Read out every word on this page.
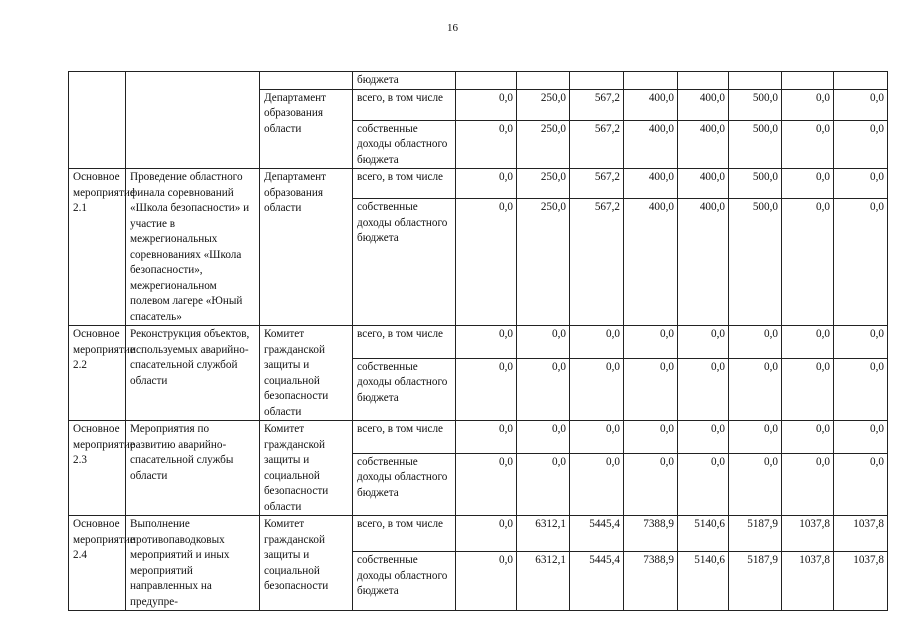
16
			бюджета								
		Департамент образования области	всего, в том числе	0,0	250,0	567,2	400,0	400,0	500,0	0,0	0,0
			собственные доходы областного бюджета	0,0	250,0	567,2	400,0	400,0	500,0	0,0	0,0
Основное мероприятие 2.1	Проведение областного финала соревнований «Школа безопасности» и участие в межрегиональных соревнованиях «Школа безопасности», межрегиональном полевом лагере «Юный спасатель»	Департамент образования области	всего, в том числе	0,0	250,0	567,2	400,0	400,0	500,0	0,0	0,0
			собственные доходы областного бюджета	0,0	250,0	567,2	400,0	400,0	500,0	0,0	0,0
Основное мероприятие 2.2	Реконструкция объектов, используемых аварийно-спасательной службой области	Комитет гражданской защиты и социальной безопасности области	всего, в том числе	0,0	0,0	0,0	0,0	0,0	0,0	0,0	0,0
			собственные доходы областного бюджета	0,0	0,0	0,0	0,0	0,0	0,0	0,0	0,0
Основное мероприятие 2.3	Мероприятия по развитию аварийно-спасательной службы области	Комитет гражданской защиты и социальной безопасности области	всего, в том числе	0,0	0,0	0,0	0,0	0,0	0,0	0,0	0,0
			собственные доходы областного бюджета	0,0	0,0	0,0	0,0	0,0	0,0	0,0	0,0
Основное мероприятие 2.4	Выполнение противопаводковых мероприятий и иных мероприятий направленных на предупре-	Комитет гражданской защиты и социальной безопасности	всего, в том числе	0,0	6312,1	5445,4	7388,9	5140,6	5187,9	1037,8	1037,8
			собственные доходы областного бюджета	0,0	6312,1	5445,4	7388,9	5140,6	5187,9	1037,8	1037,8
